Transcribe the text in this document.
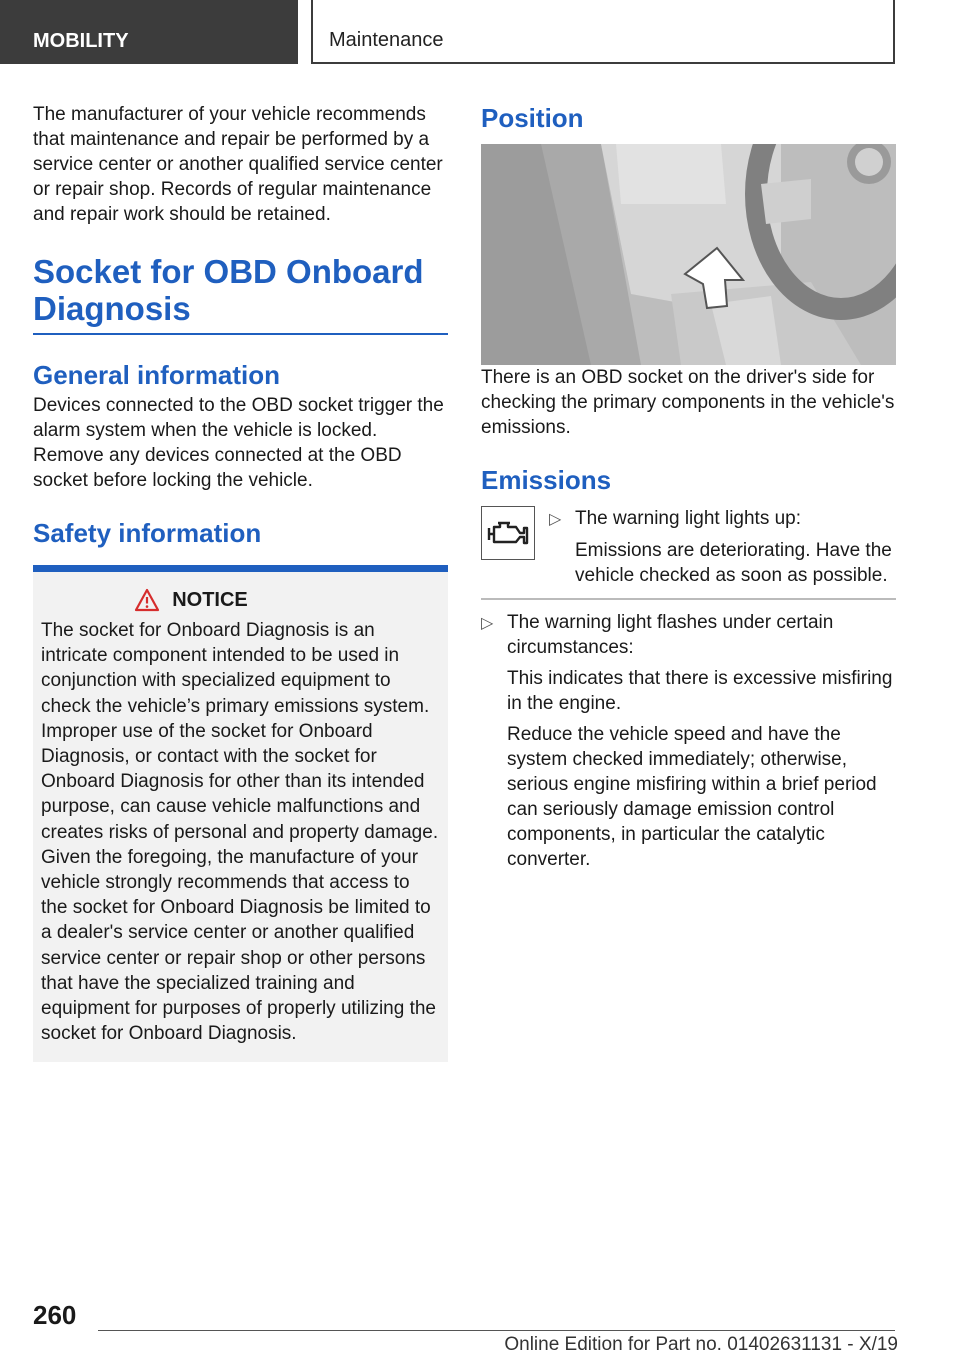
MOBILITY	Maintenance

The manufacturer of your vehicle recommends that maintenance and repair be performed by a service center or another qualified service center or repair shop. Records of regular maintenance and repair work should be retained.

Socket for OBD Onboard Diagnosis
General information

Devices connected to the OBD socket trigger the alarm system when the vehicle is locked. Remove any devices connected at the OBD socket before locking the vehicle.

Safety information
NOTICE

The socket for Onboard Diagnosis is an intricate component intended to be used in conjunction with specialized equipment to check the vehicle’s primary emissions system. Improper use of the socket for Onboard Diagnosis, or contact with the socket for Onboard Diagnosis for other than its intended purpose, can cause vehicle malfunctions and creates risks of personal and property damage. Given the foregoing, the manufacture of your vehicle strongly recommends that access to the socket for Onboard Diagnosis be limited to a dealer's service center or another qualified service center or repair shop or other persons that have the specialized training and equipment for purposes of properly utilizing the socket for Onboard Diagnosis.

Position

There is an OBD socket on the driver's side for checking the primary components in the vehicle's emissions.

Emissions
▷ The warning light lights up:

Emissions are deteriorating. Have the vehicle checked as soon as possible.

▷ The warning light flashes under certain circumstances:

This indicates that there is excessive misfiring in the engine.

Reduce the vehicle speed and have the system checked immediately; otherwise, serious engine misfiring within a brief period can seriously damage emission control components, in particular the catalytic converter.

260
Online Edition for Part no. 01402631131 - X/19
